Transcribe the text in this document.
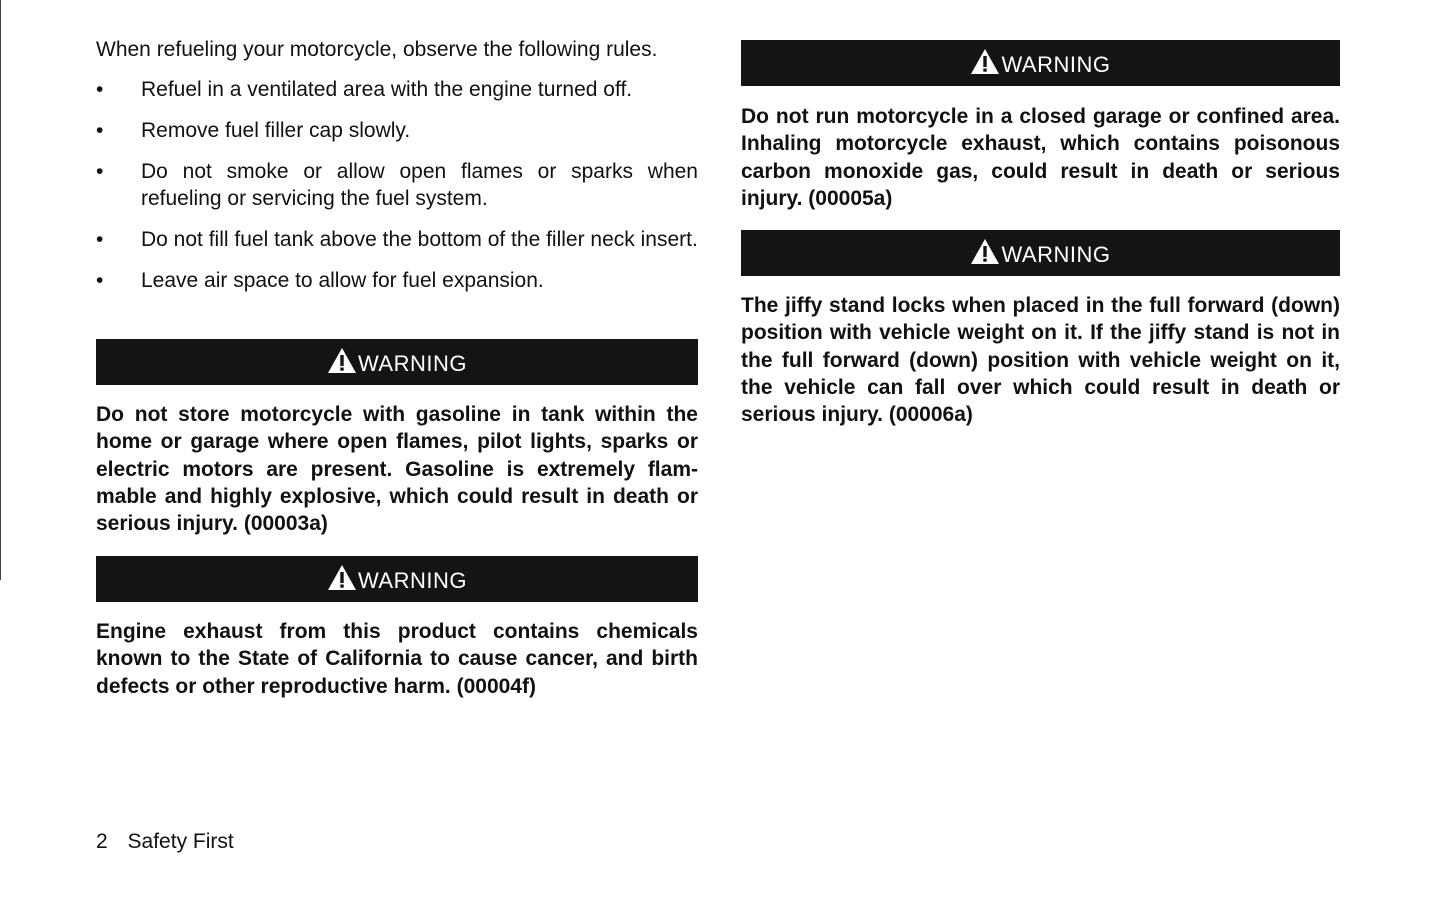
When refueling your motorcycle, observe the following rules.
• Refuel in a ventilated area with the engine turned off.
• Remove fuel filler cap slowly.
• Do not smoke or allow open flames or sparks when refueling or servicing the fuel system.
• Do not fill fuel tank above the bottom of the filler neck insert.
• Leave air space to allow for fuel expansion.
WARNING
Do not store motorcycle with gasoline in tank within the home or garage where open flames, pilot lights, sparks or electric motors are present. Gasoline is extremely flam-mable and highly explosive, which could result in death or serious injury. (00003a)
WARNING
Engine exhaust from this product contains chemicals known to the State of California to cause cancer, and birth defects or other reproductive harm. (00004f)
WARNING
Do not run motorcycle in a closed garage or confined area. Inhaling motorcycle exhaust, which contains poisonous carbon monoxide gas, could result in death or serious injury. (00005a)
WARNING
The jiffy stand locks when placed in the full forward (down) position with vehicle weight on it. If the jiffy stand is not in the full forward (down) position with vehicle weight on it, the vehicle can fall over which could result in death or serious injury. (00006a)
2 Safety First
